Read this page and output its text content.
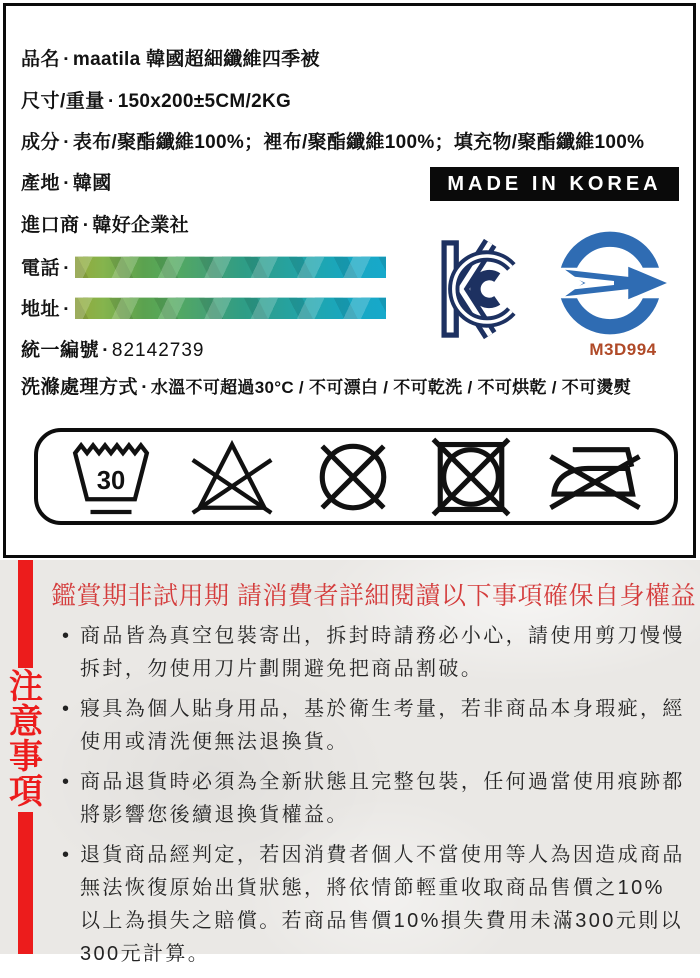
品名 ▪ maatila 韓國超細纖維四季被
尺寸/重量 ▪ 150x200±5CM/2KG
成分 ▪ 表布/聚酯纖維100%；裡布/聚酯纖維100%；填充物/聚酯纖維100%
產地 ▪ 韓國	MADE IN KOREA
進口商 ▪ 韓好企業社
電話 ▪
地址 ▪
統一編號 ▪ 82142739	M3D994
洗滌處理方式 ▪ 水溫不可超過30°C / 不可漂白 / 不可乾洗 / 不可烘乾 / 不可燙熨
30
注
意
事
項
鑑賞期非試用期 請消費者詳細閱讀以下事項確保自身權益
• 商品皆為真空包裝寄出，拆封時請務必小心，請使用剪刀慢慢拆封，勿使用刀片劃開避免把商品割破。
• 寢具為個人貼身用品，基於衛生考量，若非商品本身瑕疵，經使用或清洗便無法退換貨。
• 商品退貨時必須為全新狀態且完整包裝，任何過當使用痕跡都將影響您後續退換貨權益。
• 退貨商品經判定，若因消費者個人不當使用等人為因造成商品無法恢復原始出貨狀態，將依情節輕重收取商品售價之10%以上為損失之賠償。若商品售價10%損失費用未滿300元則以300元計算。
